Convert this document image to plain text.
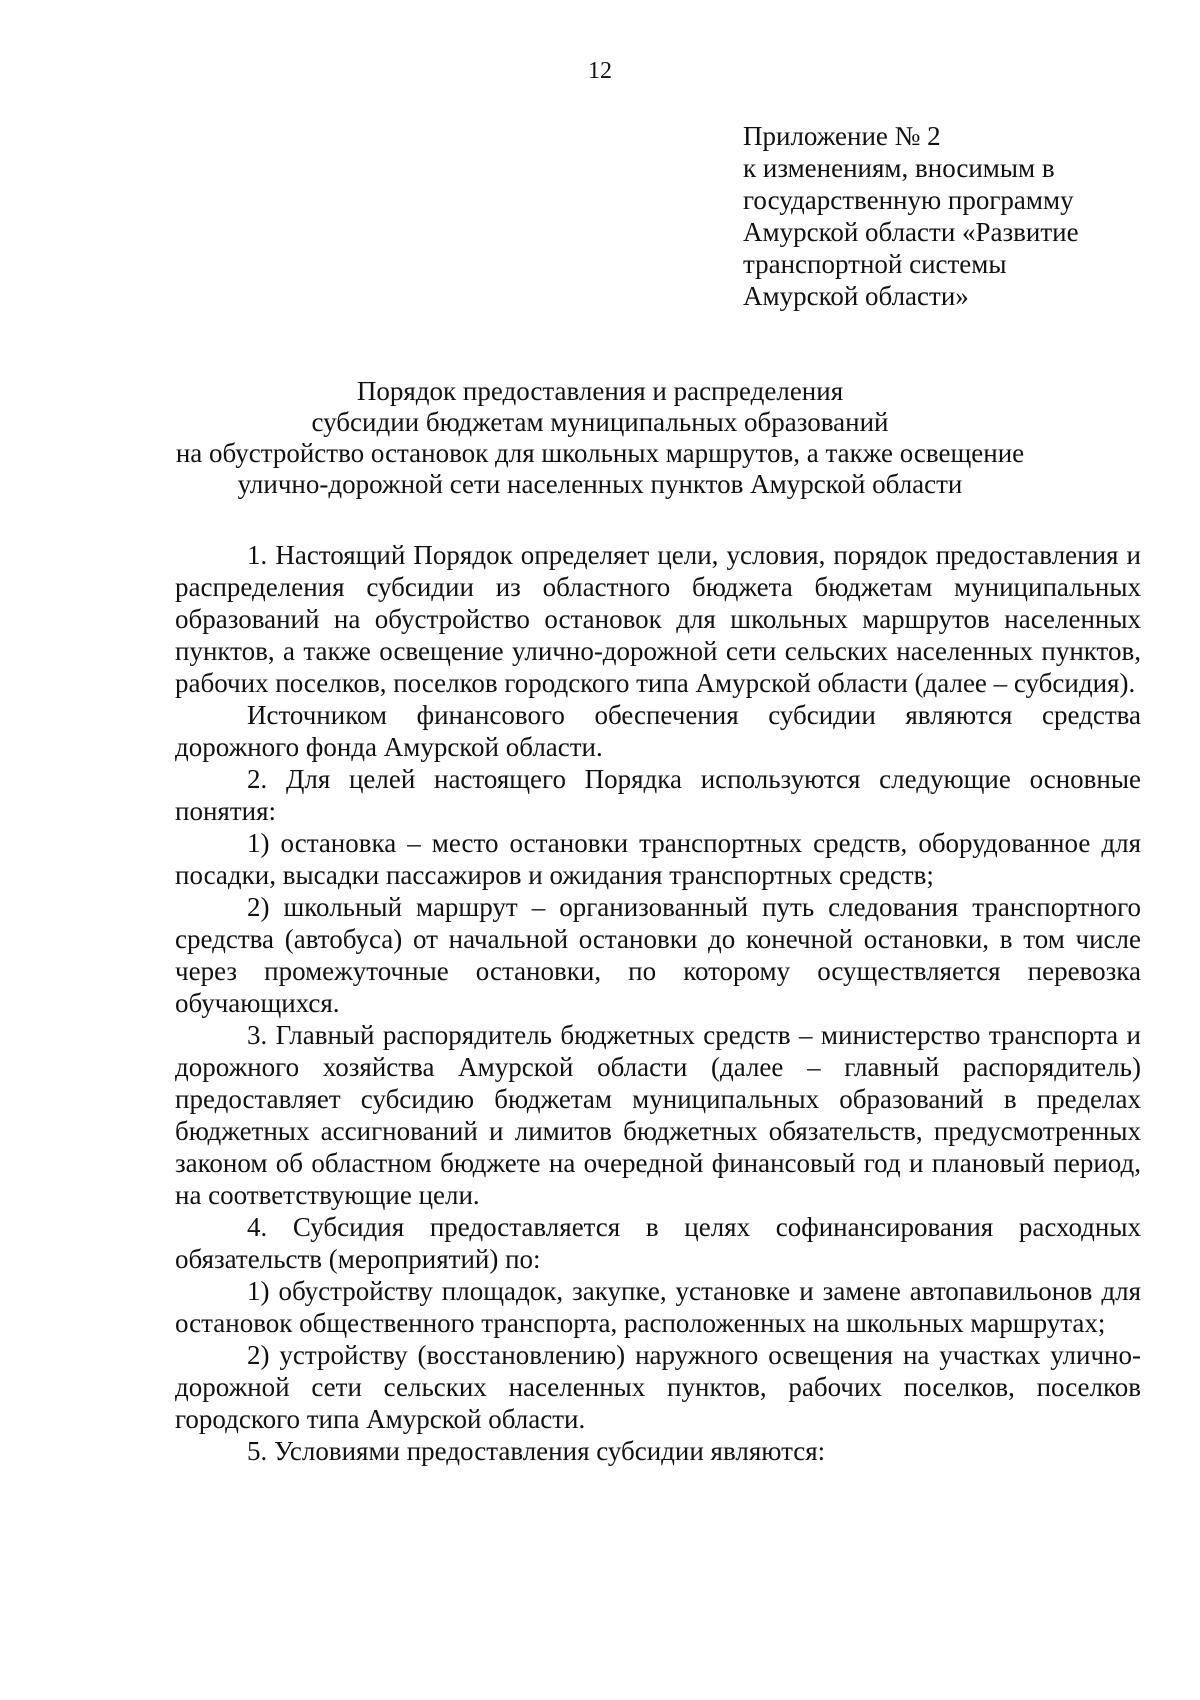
12
Приложение № 2
к изменениям, вносимым в
государственную программу
Амурской области «Развитие
транспортной системы
Амурской области»
Порядок предоставления и распределения
субсидии бюджетам муниципальных образований
на обустройство остановок для школьных маршрутов, а также освещение
улично-дорожной сети населенных пунктов Амурской области

1. Настоящий Порядок определяет цели, условия, порядок предоставления и распределения субсидии из областного бюджета бюджетам муниципальных образований на обустройство остановок для школьных маршрутов населенных пунктов, а также освещение улично-дорожной сети сельских населенных пунктов, рабочих поселков, поселков городского типа Амурской области (далее – субсидия).

Источником финансового обеспечения субсидии являются средства дорожного фонда Амурской области.

2. Для целей настоящего Порядка используются следующие основные понятия:

1) остановка – место остановки транспортных средств, оборудованное для посадки, высадки пассажиров и ожидания транспортных средств;

2) школьный маршрут – организованный путь следования транспортного средства (автобуса) от начальной остановки до конечной остановки, в том числе через промежуточные остановки, по которому осуществляется перевозка обучающихся.

3. Главный распорядитель бюджетных средств – министерство транспорта и дорожного хозяйства Амурской области (далее – главный распорядитель) предоставляет субсидию бюджетам муниципальных образований в пределах бюджетных ассигнований и лимитов бюджетных обязательств, предусмотренных законом об областном бюджете на очередной финансовый год и плановый период, на соответствующие цели.

4. Субсидия предоставляется в целях софинансирования расходных обязательств (мероприятий) по:

1) обустройству площадок, закупке, установке и замене автопавильонов для остановок общественного транспорта, расположенных на школьных маршрутах;

2) устройству (восстановлению) наружного освещения на участках улично-дорожной сети сельских населенных пунктов, рабочих поселков, поселков городского типа Амурской области.

5. Условиями предоставления субсидии являются:
